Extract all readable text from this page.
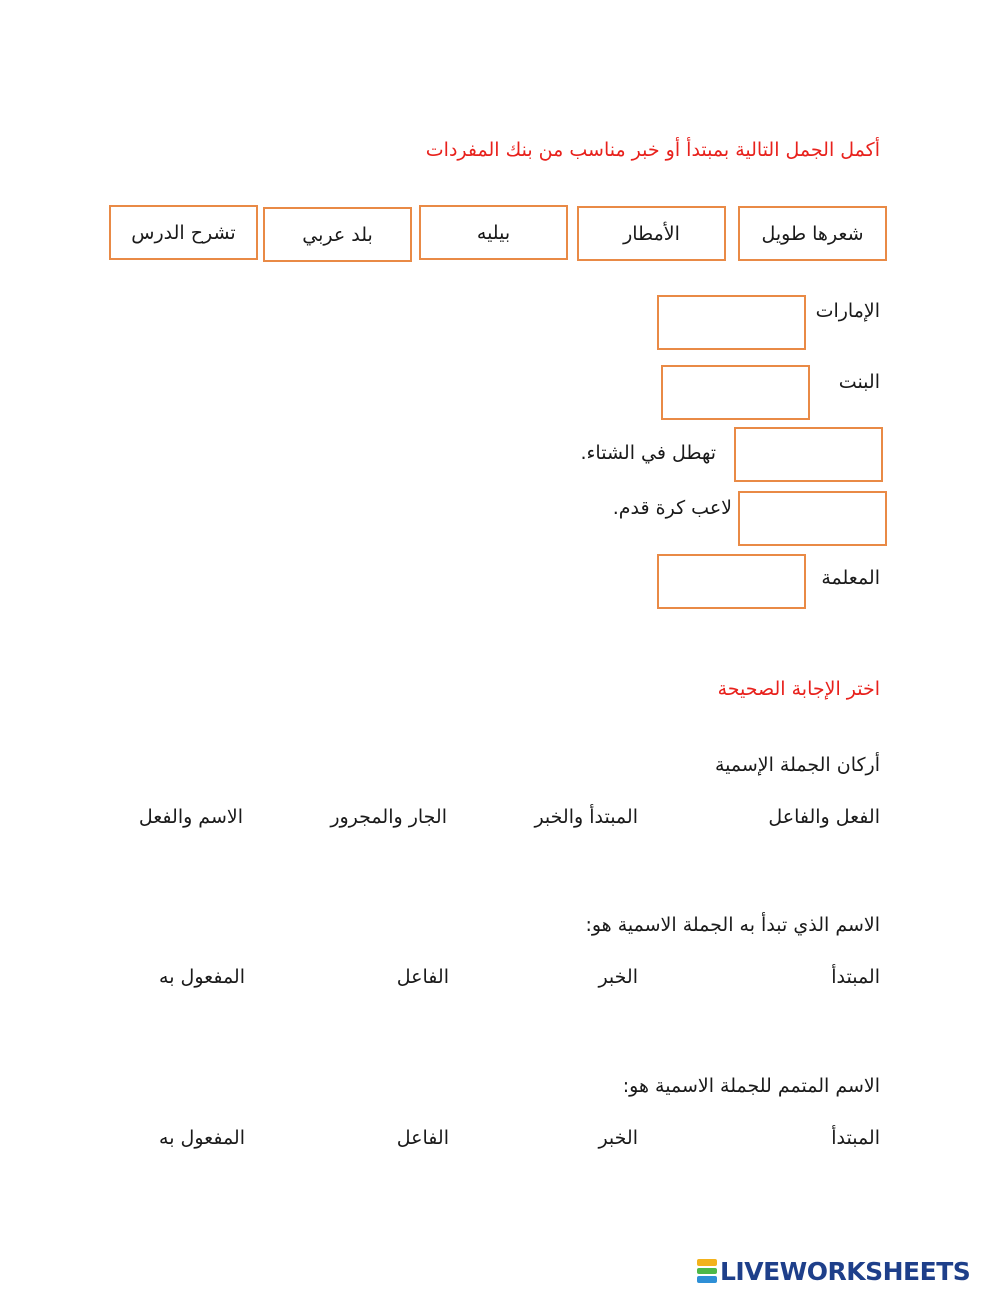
أكمل الجمل التالية بمبتدأ أو خبر مناسب من بنك المفردات
شعرها طويل
الأمطار
بيليه
بلد عربي
تشرح الدرس
الإمارات
البنت
تهطل في الشتاء.
لاعب كرة قدم.
المعلمة
اختر الإجابة الصحيحة
أركان الجملة الإسمية
الفعل والفاعل
المبتدأ والخبر
الجار والمجرور
الاسم والفعل
الاسم الذي تبدأ به الجملة الاسمية هو:
المبتدأ
الخبر
الفاعل
المفعول به
الاسم المتمم للجملة الاسمية هو:
المبتدأ
الخبر
الفاعل
المفعول به
LIVEWORKSHEETS
